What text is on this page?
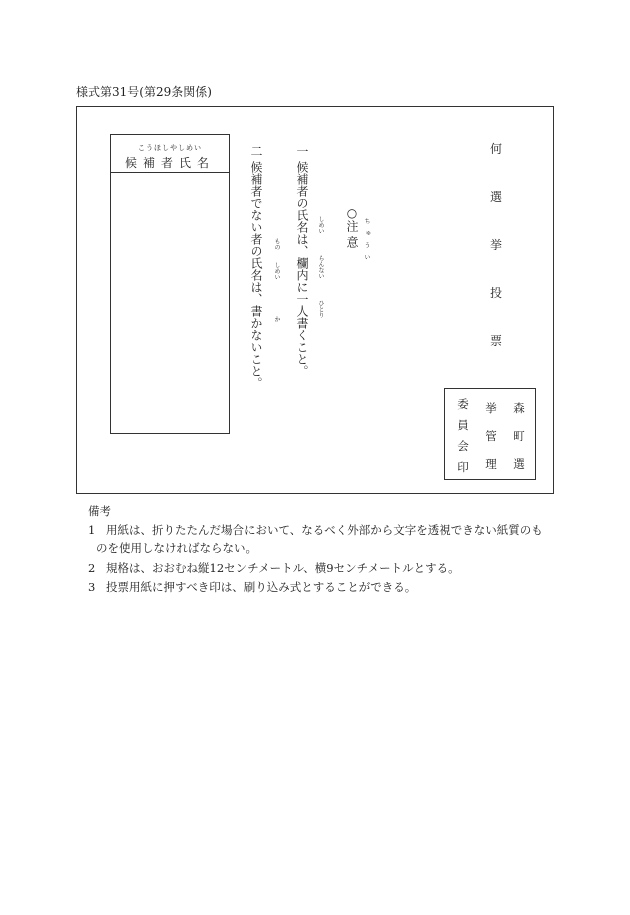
様式第31号(第29条関係)
こうほしやしめい
候補者氏名	二 候補者でない者の氏名は、書かないこと。	もの
しめい
か 一 候補者の氏名は、欄内に一人書くこと。	しめい
らんない
ひとり
○注 意 ちゅうい
何
選
挙
投
票
森
町
選
挙
管
理
委
員
会
印
備考
1 用紙は、折りたたんだ場合において、なるべく外部から文字を透視できない紙質のも
のを使用しなければならない。
2 規格は、おおむね縦12センチメートル、横9センチメートルとする。
3 投票用紙に押すべき印は、刷り込み式とすることができる。
